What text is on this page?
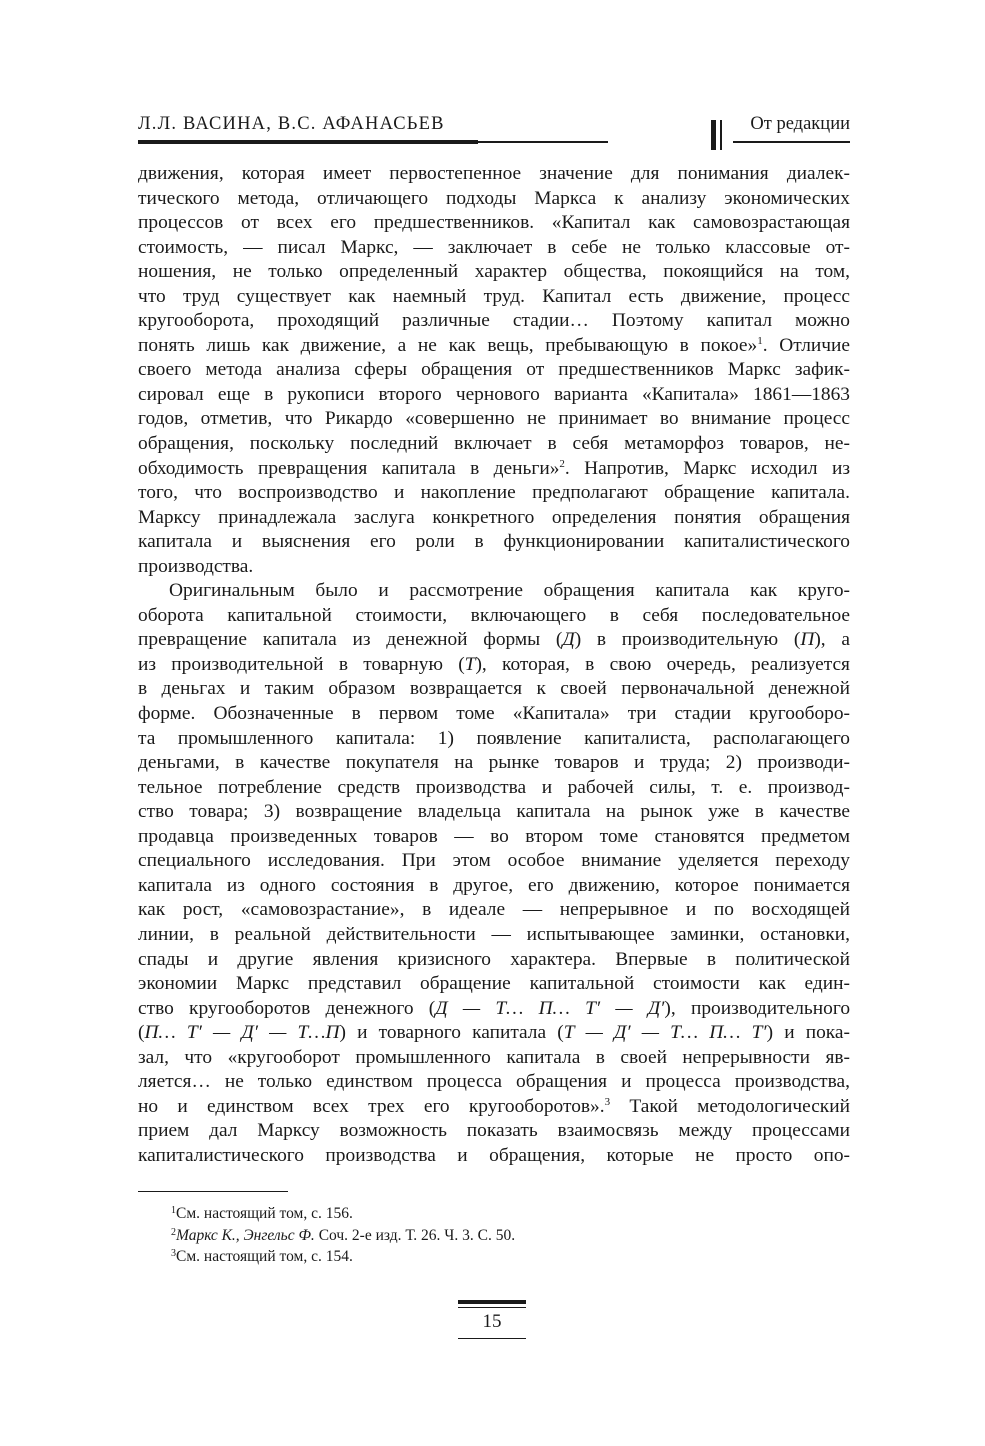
Л.Л. ВАСИНА, В.С. АФАНАСЬЕВ	От редакции

движения, которая имеет первостепенное значение для понимания диалек-
тического метода, отличающего подходы Маркса к анализу экономических
процессов от всех его предшественников. «Капитал как самовозрастающая
стоимость, — писал Маркс, — заключает в себе не только классовые от-
ношения, не только определенный характер общества, покоящийся на том,
что труд существует как наемный труд. Капитал есть движение, процесс
кругооборота, проходящий различные стадии… Поэтому капитал можно
понять лишь как движение, а не как вещь, пребывающую в покое»$^1$. Отличие
своего метода анализа сферы обращения от предшественников Маркс зафик-
сировал еще в рукописи второго чернового варианта «Капитала» 1861—1863
годов, отметив, что Рикардо «совершенно не принимает во внимание процесс
обращения, поскольку последний включает в себя метаморфоз товаров, не-
обходимость превращения капитала в деньги»$^2$. Напротив, Маркс исходил из
того, что воспроизводство и накопление предполагают обращение капитала.
Марксу принадлежала заслуга конкретного определения понятия обращения
капитала и выяснения его роли в функционировании капиталистического
производства.

Оригинальным было и рассмотрение обращения капитала как круго-
оборота капитальной стоимости, включающего в себя последовательное
превращение капитала из денежной формы (Д) в производительную (П), а
из производительной в товарную (Т), которая, в свою очередь, реализуется
в деньгах и таким образом возвращается к своей первоначальной денежной
форме. Обозначенные в первом томе «Капитала» три стадии кругооборо-
та промышленного капитала: 1) появление капиталиста, располагающего
деньгами, в качестве покупателя на рынке товаров и труда; 2) производи-
тельное потребление средств производства и рабочей силы, т. е. производ-
ство товара; 3) возвращение владельца капитала на рынок уже в качестве
продавца произведенных товаров — во втором томе становятся предметом
специального исследования. При этом особое внимание уделяется переходу
капитала из одного состояния в другое, его движению, которое понимается
как рост, «самовозрастание», в идеале — непрерывное и по восходящей
линии, в реальной действительности — испытывающее заминки, остановки,
спады и другие явления кризисного характера. Впервые в политической
экономии Маркс представил обращение капитальной стоимости как един-
ство кругооборотов денежного (Д — Т… П… Т′ — Д′), производительного
(П… Т′ — Д′ — Т…П) и товарного капитала (Т — Д′ — Т… П… Т′) и пока-
зал, что «кругооборот промышленного капитала в своей непрерывности яв-
ляется… не только единством процесса обращения и процесса производства,
но и единством всех трех его кругооборотов».$^3$ Такой методологический
прием дал Марксу возможность показать взаимосвязь между процессами
капиталистического производства и обращения, которые не просто опо-

$^1$См. настоящий том, с. 156.
$^2$Маркс К., Энгельс Ф. Соч. 2-е изд. Т. 26. Ч. 3. С. 50.
$^3$См. настоящий том, с. 154.
15
